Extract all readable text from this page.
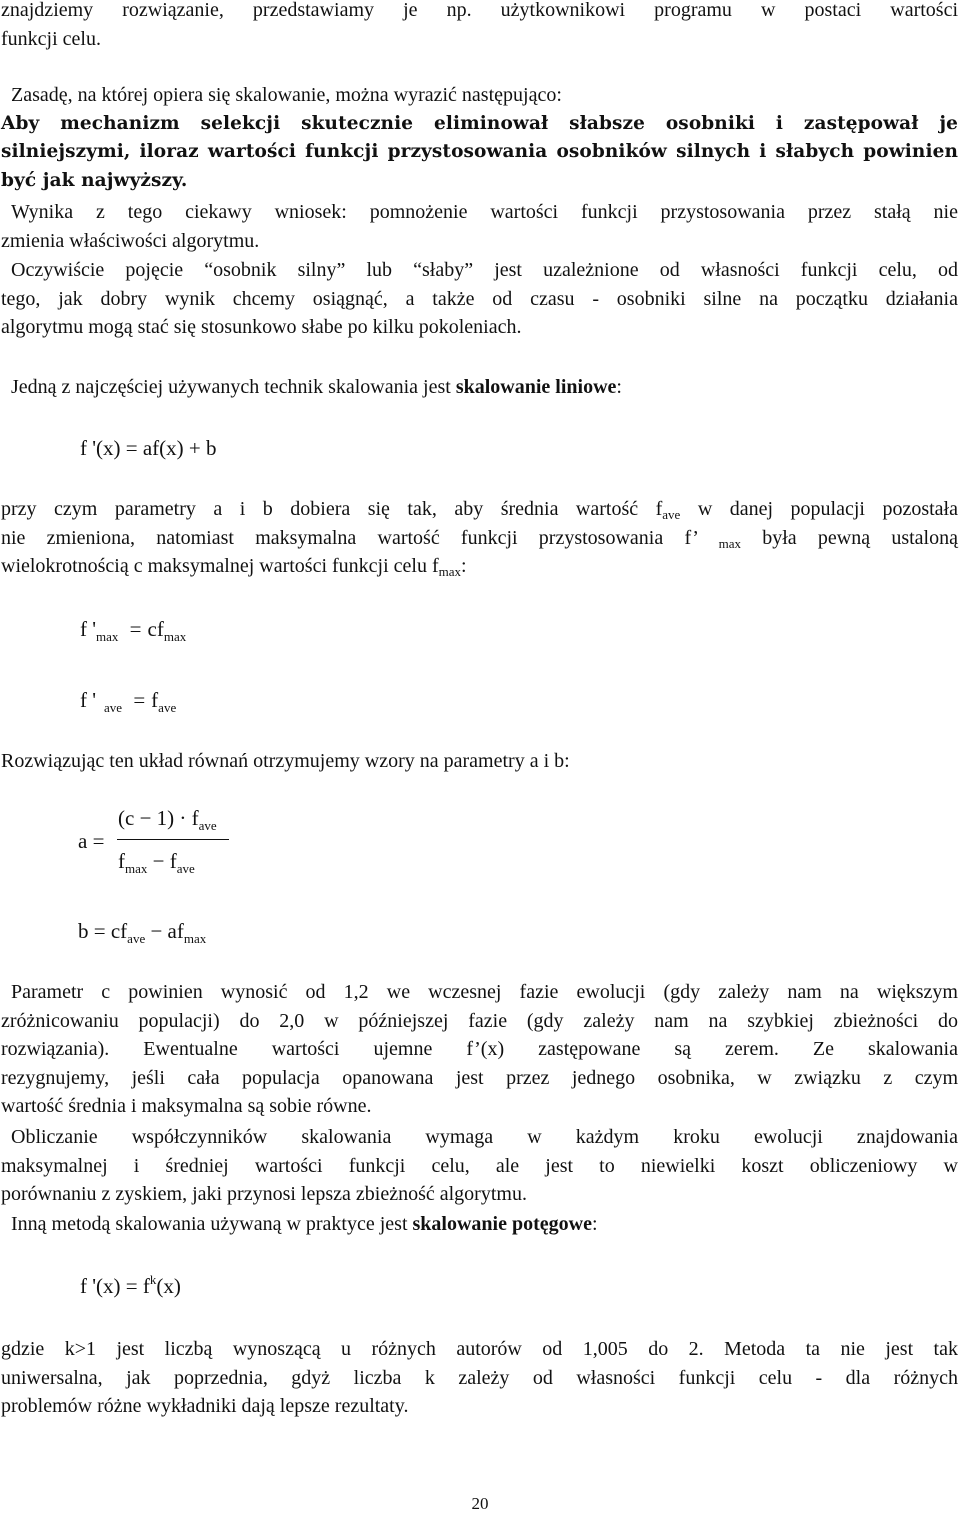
znajdziemy rozwiązanie, przedstawiamy je np. użytkownikowi programu w postaci wartości
funkcji celu.
Zasadę, na której opiera się skalowanie, można wyrazić następująco:
Aby mechanizm selekcji skutecznie eliminował słabsze osobniki i zastępował je
silniejszymi, iloraz wartości funkcji przystosowania osobników silnych i słabych powinien
być jak najwyższy.
Wynika z tego ciekawy wniosek: pomnożenie wartości funkcji przystosowania przez stałą nie
zmienia właściwości algorytmu.
Oczywiście pojęcie “osobnik silny” lub “słaby” jest uzależnione od własności funkcji celu, od
tego, jak dobry wynik chcemy osiągnąć, a także od czasu - osobniki silne na początku działania
algorytmu mogą stać się stosunkowo słabe po kilku pokoleniach.
Jedną z najczęściej używanych technik skalowania jest skalowanie liniowe:
f '(x) = af(x) + b
przy czym parametry a i b dobiera się tak, aby średnia wartość $f_{ave}$ w danej populacji pozostała
nie zmieniona, natomiast maksymalna wartość funkcji przystosowania f’ $_{max}$ była pewną ustaloną
wielokrotnością c maksymalnej wartości funkcji celu $f_{max}$:
f '$_{max} = cf_{max}$
f ' $_{ave} = f_{ave}$
Rozwiązując ten układ równań otrzymujemy wzory na parametry a i b:
a =
$(c - 1) \cdot f_{ave}$
$f_{max} - f_{ave}$
$b = cf_{ave} - af_{max}$
Parametr c powinien wynosić od 1,2 we wczesnej fazie ewolucji (gdy zależy nam na większym
zróżnicowaniu populacji) do 2,0 w późniejszej fazie (gdy zależy nam na szybkiej zbieżności do
rozwiązania). Ewentualne wartości ujemne f’(x) zastępowane są zerem. Ze skalowania
rezygnujemy, jeśli cała populacja opanowana jest przez jednego osobnika, w związku z czym
wartość średnia i maksymalna są sobie równe.
Obliczanie współczynników skalowania wymaga w każdym kroku ewolucji znajdowania
maksymalnej i średniej wartości funkcji celu, ale jest to niewielki koszt obliczeniowy w
porównaniu z zyskiem, jaki przynosi lepsza zbieżność algorytmu.
Inną metodą skalowania używaną w praktyce jest skalowanie potęgowe:
f '$(x) = f^k(x)$
gdzie k>1 jest liczbą wynoszącą u różnych autorów od 1,005 do 2. Metoda ta nie jest tak
uniwersalna, jak poprzednia, gdyż liczba k zależy od własności funkcji celu - dla różnych
problemów różne wykładniki dają lepsze rezultaty.
20
